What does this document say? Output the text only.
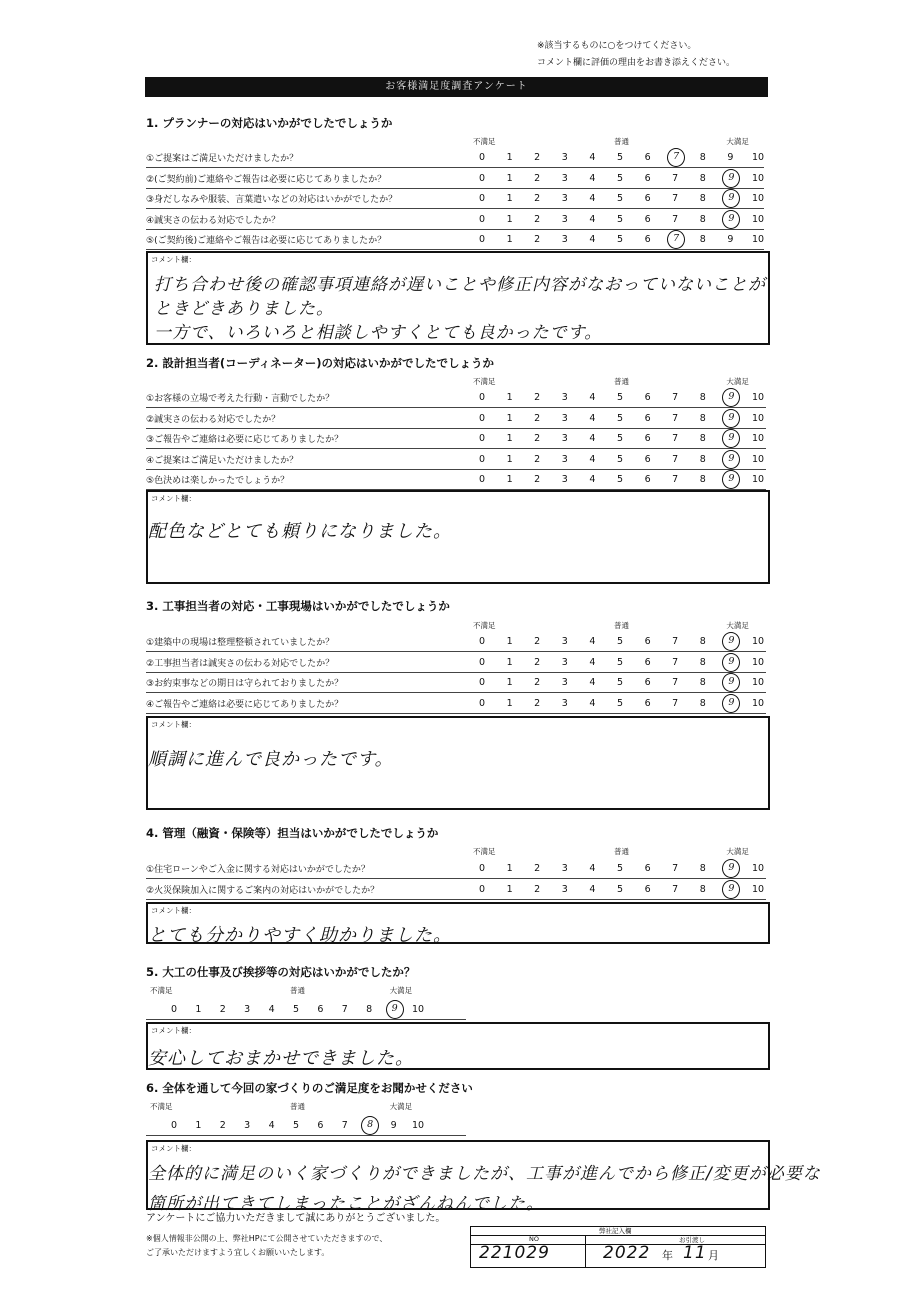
※該当するものに○をつけてください。
コメント欄に評価の理由をお書き添えください。
お客様満足度調査アンケート
1. プランナーの対応はいかがでしたでしょうか
不満足	普通	大満足
①ご提案はご満足いただけましたか？	0	1	2	3	4	5	6	7	8	9	10
②(ご契約前)ご連絡やご報告は必要に応じてありましたか？	0	1	2	3	4	5	6	7	8	9	10
③身だしなみや服装、言葉遣いなどの対応はいかがでしたか？	0	1	2	3	4	5	6	7	8	9	10
④誠実さの伝わる対応でしたか？	0	1	2	3	4	5	6	7	8	9	10
⑤(ご契約後)ご連絡やご報告は必要に応じてありましたか？	0	1	2	3	4	5	6	7	8	9	10
コメント欄：
打ち合わせ後の確認事項連絡が遅いことや修正内容がなおっていないことが
ときどきありました。
一方で、いろいろと相談しやすくとても良かったです。
2. 設計担当者(コーディネーター)の対応はいかがでしたでしょうか
不満足	普通	大満足
①お客様の立場で考えた行動・言動でしたか？	0	1	2	3	4	5	6	7	8	9	10
②誠実さの伝わる対応でしたか？	0	1	2	3	4	5	6	7	8	9	10
③ご報告やご連絡は必要に応じてありましたか？	0	1	2	3	4	5	6	7	8	9	10
④ご提案はご満足いただけましたか？	0	1	2	3	4	5	6	7	8	9	10
⑤色決めは楽しかったでしょうか？	0	1	2	3	4	5	6	7	8	9	10
コメント欄：
配色などとても頼りになりました。
3. 工事担当者の対応・工事現場はいかがでしたでしょうか
不満足	普通	大満足
①建築中の現場は整理整頓されていましたか？	0	1	2	3	4	5	6	7	8	9	10
②工事担当者は誠実さの伝わる対応でしたか？	0	1	2	3	4	5	6	7	8	9	10
③お約束事などの期日は守られておりましたか？	0	1	2	3	4	5	6	7	8	9	10
④ご報告やご連絡は必要に応じてありましたか？	0	1	2	3	4	5	6	7	8	9	10
コメント欄：
順調に進んで良かったです。
4. 管理（融資・保険等）担当はいかがでしたでしょうか
不満足	普通	大満足
①住宅ローンやご入金に関する対応はいかがでしたか？	0	1	2	3	4	5	6	7	8	9	10
②火災保険加入に関するご案内の対応はいかがでしたか？	0	1	2	3	4	5	6	7	8	9	10
コメント欄：
とても分かりやすく助かりました。
5. 大工の仕事及び挨拶等の対応はいかがでしたか？
不満足	普通	大満足
0	1	2	3	4	5	6	7	8	9	10
コメント欄：
安心しておまかせできました。
6. 全体を通して今回の家づくりのご満足度をお聞かせください
不満足	普通	大満足
0	1	2	3	4	5	6	7	8	9	10
コメント欄：
全体的に満足のいく家づくりができましたが、工事が進んでから修正/変更が必要な
箇所が出てきてしまったことがざんねんでした。
アンケートにご協力いただきまして誠にありがとうございました。
※個人情報非公開の上、弊社HPにて公開させていただきますので、
ご了承いただけますよう宜しくお願いいたします。
弊社記入欄
NO	お引渡し
221029	2022 年 11 月
